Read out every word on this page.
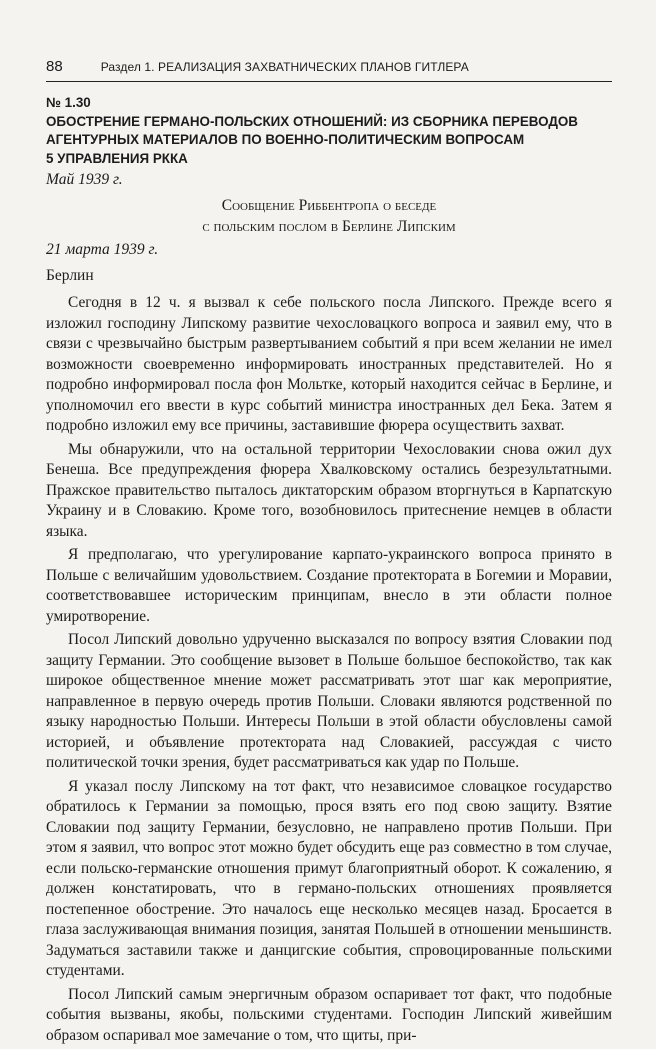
88	Раздел 1. РЕАЛИЗАЦИЯ ЗАХВАТНИЧЕСКИХ ПЛАНОВ ГИТЛЕРА

№ 1.30

ОБОСТРЕНИЕ ГЕРМАНО-ПОЛЬСКИХ ОТНОШЕНИЙ: ИЗ СБОРНИКА ПЕРЕВОДОВ
АГЕНТУРНЫХ МАТЕРИАЛОВ ПО ВОЕННО-ПОЛИТИЧЕСКИМ ВОПРОСАМ
5 УПРАВЛЕНИЯ РККА

Май 1939 г.

Сообщение Риббентропа о беседе
с польским послом в Берлине Липским

21 марта 1939 г.

Берлин

Сегодня в 12 ч. я вызвал к себе польского посла Липского. Прежде всего я изложил господину Липскому развитие чехословацкого вопроса и заявил ему, что в связи с чрезвычайно быстрым развертыванием событий я при всем желании не имел возможности своевременно информировать иностранных представителей. Но я подробно информировал посла фон Мольтке, который находится сейчас в Берлине, и уполномочил его ввести в курс событий министра иностранных дел Бека. Затем я подробно изложил ему все причины, заставившие фюрера осуществить захват.

Мы обнаружили, что на остальной территории Чехословакии снова ожил дух Бенеша. Все предупреждения фюрера Хвалковскому остались безрезультатными. Пражское правительство пыталось диктаторским образом вторгнуться в Карпатскую Украину и в Словакию. Кроме того, возобновилось притеснение немцев в области языка.

Я предполагаю, что урегулирование карпато-украинского вопроса принято в Польше с величайшим удовольствием. Создание протектората в Богемии и Моравии, соответствовавшее историческим принципам, внесло в эти области полное умиротворение.

Посол Липский довольно удрученно высказался по вопросу взятия Словакии под защиту Германии. Это сообщение вызовет в Польше большое беспокойство, так как широкое общественное мнение может рассматривать этот шаг как мероприятие, направленное в первую очередь против Польши. Словаки являются родственной по языку народностью Польши. Интересы Польши в этой области обусловлены самой историей, и объявление протектората над Словакией, рассуждая с чисто политической точки зрения, будет рассматриваться как удар по Польше.

Я указал послу Липскому на тот факт, что независимое словацкое государство обратилось к Германии за помощью, прося взять его под свою защиту. Взятие Словакии под защиту Германии, безусловно, не направлено против Польши. При этом я заявил, что вопрос этот можно будет обсудить еще раз совместно в том случае, если польско-германские отношения примут благоприятный оборот. К сожалению, я должен констатировать, что в германо-польских отношениях проявляется постепенное обострение. Это началось еще несколько месяцев назад. Бросается в глаза заслуживающая внимания позиция, занятая Польшей в отношении меньшинств. Задуматься заставили также и данцигские события, спровоцированные польскими студентами.

Посол Липский самым энергичным образом оспаривает тот факт, что подобные события вызваны, якобы, польскими студентами. Господин Липский живейшим образом оспаривал мое замечание о том, что щиты, при-
